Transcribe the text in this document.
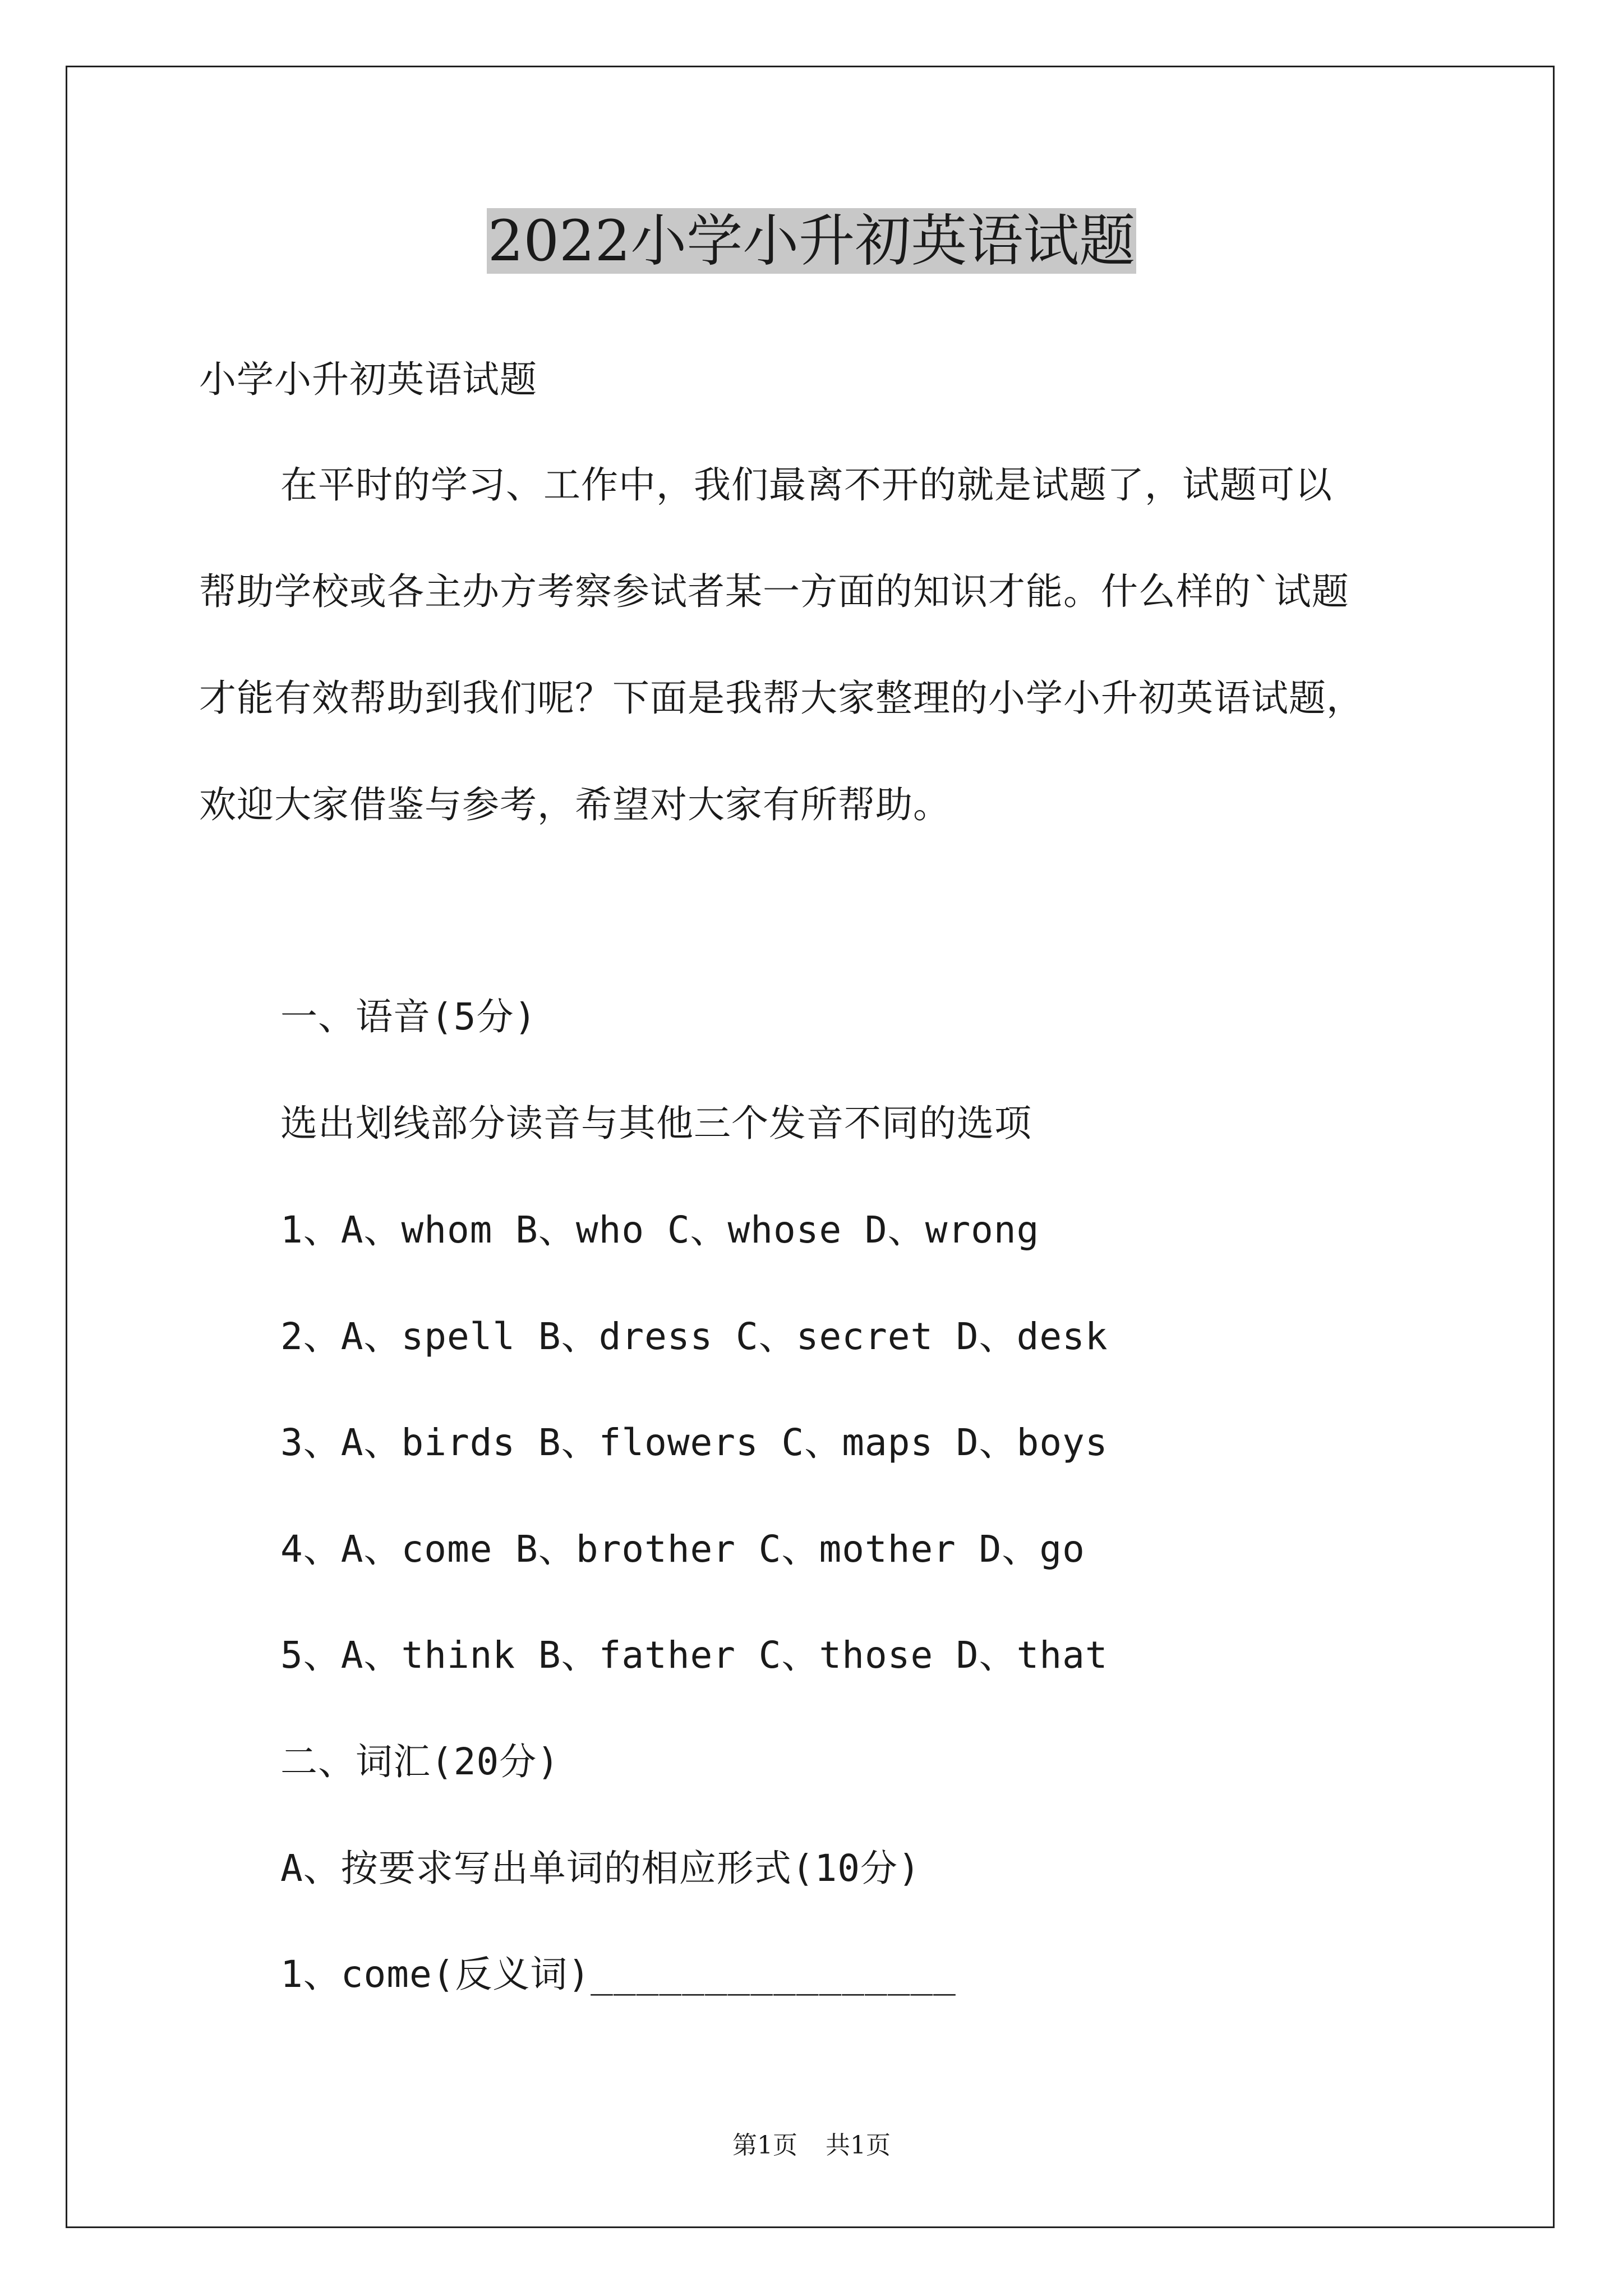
2022小学小升初英语试题
小学小升初英语试题
在平时的学习、工作中，我们最离不开的就是试题了，试题可以
帮助学校或各主办方考察参试者某一方面的知识才能。什么样的`试题
才能有效帮助到我们呢？下面是我帮大家整理的小学小升初英语试题，
欢迎大家借鉴与参考，希望对大家有所帮助。
一、语音(5分)
选出划线部分读音与其他三个发音不同的选项
1、A、whom B、who C、whose D、wrong
2、A、spell B、dress C、secret D、desk
3、A、birds B、flowers C、maps D、boys
4、A、come B、brother C、mother D、go
5、A、think B、father C、those D、that
二、词汇(20分)
A、按要求写出单词的相应形式(10分)
1、come(反义词)________________
第1页 共1页
